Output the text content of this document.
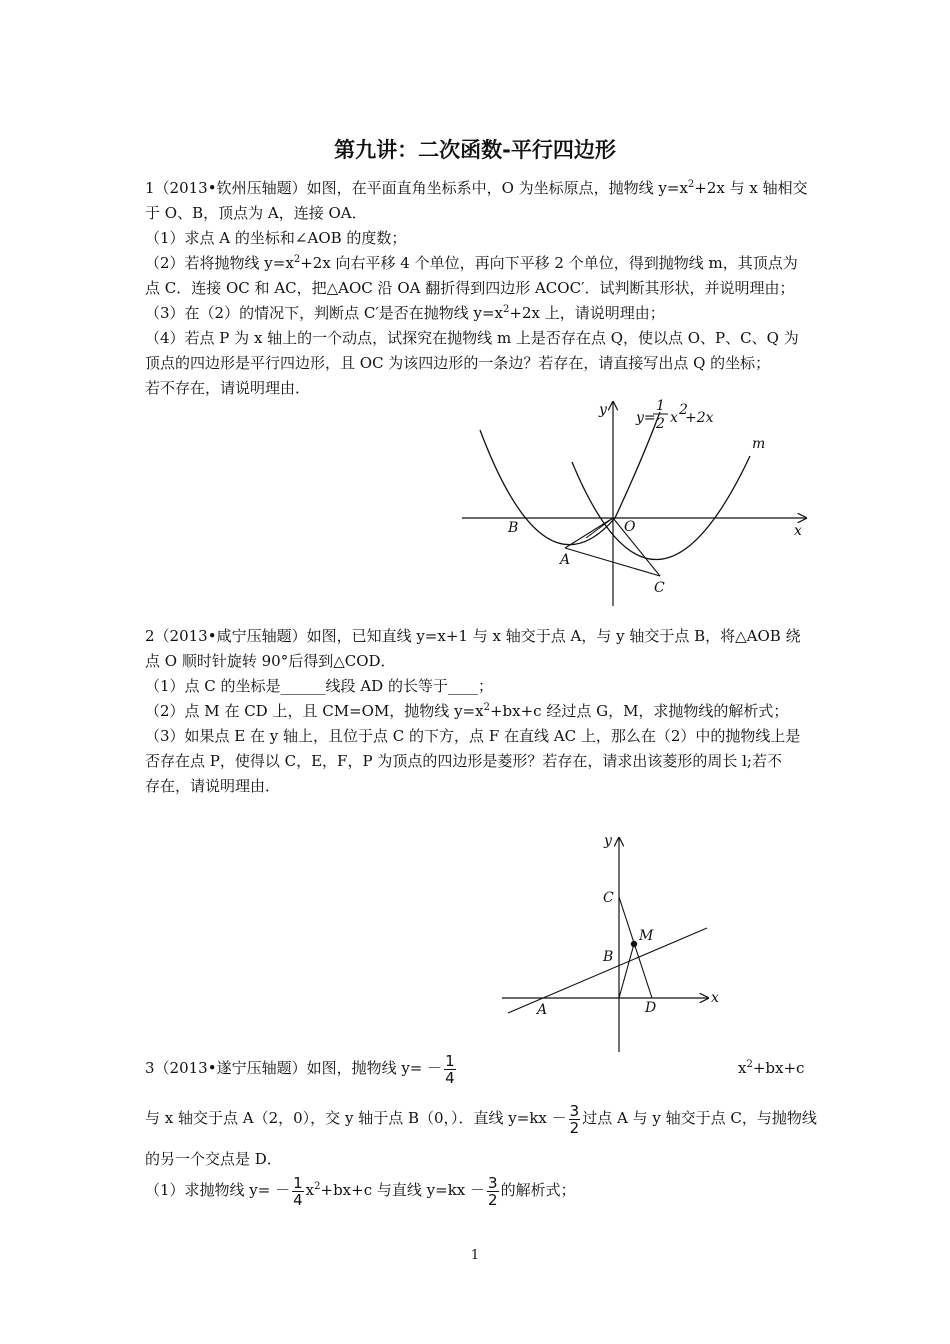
第九讲：二次函数-平行四边形
1（2013•钦州压轴题）如图，在平面直角坐标系中，O 为坐标原点，抛物线 $y=x^2+2x$ 与 x 轴相交
于 O、B，顶点为 A，连接 OA．
（1）求点 A 的坐标和∠AOB 的度数；
（2）若将抛物线 $y=x^2+2x$ 向右平移 4 个单位，再向下平移 2 个单位，得到抛物线 m，其顶点为
点 C．连接 OC 和 AC，把△AOC 沿 OA 翻折得到四边形 ACOC′．试判断其形状，并说明理由；
（3）在（2）的情况下，判断点 C′是否在抛物线 $y=x^2+2x$ 上，请说明理由；
（4）若点 P 为 x 轴上的一个动点，试探究在抛物线 m 上是否存在点 Q，使以点 O、P、C、Q 为
顶点的四边形是平行四边形，且 OC 为该四边形的一条边？若存在，请直接写出点 Q 的坐标；
若不存在，请说明理由．
y
x
y=
1
2 x 2
+2x
m
B	O
A
C
2（2013•咸宁压轴题）如图，已知直线 y=x+1 与 x 轴交于点 A，与 y 轴交于点 B，将△AOB 绕
点 O 顺时针旋转 90°后得到△COD．
（1）点 C 的坐标是______线段 AD 的长等于____；
（2）点 M 在 CD 上，且 CM=OM，抛物线 $y=x^2+bx+c$ 经过点 G，M，求抛物线的解析式；
（3）如果点 E 在 y 轴上，且位于点 C 的下方，点 F 在直线 AC 上，那么在（2）中的抛物线上是
否存在点 P，使得以 C，E，F，P 为顶点的四边形是菱形？若存在，请求出该菱形的周长 l;若不
存在，请说明理由．
y
x
C
M
B
A	D
3（2013•遂宁压轴题）如图，抛物线 $y= - \frac{1}{4}$	$x^2+bx+c$
与 x 轴交于点 A（2，0），交 y 轴于点 B（0，）．直线 $y=kx - \frac{3}{2}$ 过点 A 与 y 轴交于点 C，与抛物线
的另一个交点是 D．
（1）求抛物线 $y= - \frac{1}{4} x^2+bx+c$ 与直线 $y=kx - \frac{3}{2}$ 的解析式；
1
